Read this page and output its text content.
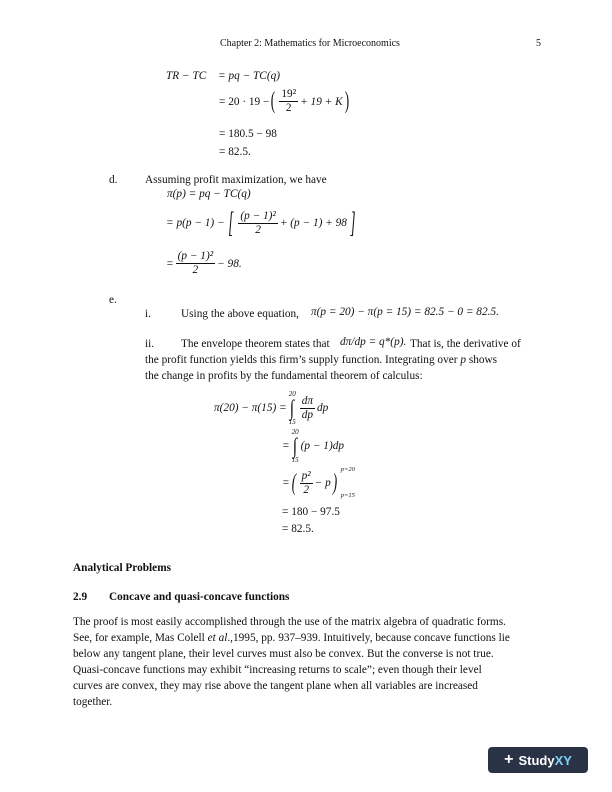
Chapter 2: Mathematics for Microeconomics	5
TR − TC = pq − TC(q)
= 20 · 19 − ( $\frac{\text{19²}}{2} + 19 + K$ )
= 180.5 − 98
= 82.5.
d. Assuming profit maximization, we have
π(p) = pq − TC(q)
= p(p − 1) − [ $\frac{\text{(p − 1)²}}{2} + (p - 1) + 98$ ]
= $\frac{\text{(p − 1)²}}{2} - 98$.
e.
i.	Using the above equation, π(p = 20) − π(p = 15) = 82.5 − 0 = 82.5.
ii. The envelope theorem states that dπ/dp = q*(p). That is, the derivative of
the profit function yields this firm’s supply function. Integrating over p shows
the change in profits by the fundamental theorem of calculus:
π(20) − π(15) =
20
∫
15
$\frac{d\pi}{dp}$ dp
=
20
∫
15
(p − 1)dp
= ( $\frac{\text{p²}}{2} - p$ ) p=20
p=15
= 180 − 97.5
= 82.5.
Analytical Problems
2.9 Concave and quasi-concave functions
The proof is most easily accomplished through the use of the matrix algebra of quadratic forms.
See, for example, Mas Colell et al.,1995, pp. 937–939. Intuitively, because concave functions lie
below any tangent plane, their level curves must also be convex. But the converse is not true.
Quasi-concave functions may exhibit “increasing returns to scale”; even though their level
curves are convex, they may rise above the tangent plane when all variables are increased
together.
+ Study XY
